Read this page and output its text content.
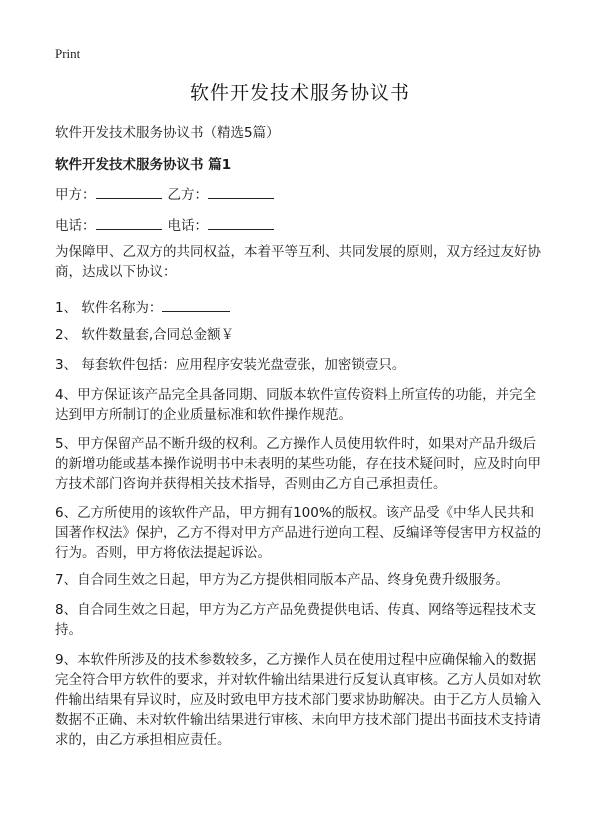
Print
软件开发技术服务协议书
软件开发技术服务协议书（精选5篇）
软件开发技术服务协议书 篇1
甲方：	乙方：
电话：	电话：

为保障甲、乙双方的共同权益，本着平等互利、共同发展的原则，双方经过友好协商，达成以下协议：

1、 软件名称为：

2、 软件数量套,合同总金额￥

3、 每套软件包括：应用程序安装光盘壹张，加密锁壹只。

4、甲方保证该产品完全具备同期、同版本软件宣传资料上所宣传的功能，并完全达到甲方所制订的企业质量标准和软件操作规范。

5、甲方保留产品不断升级的权利。乙方操作人员使用软件时，如果对产品升级后的新增功能或基本操作说明书中未表明的某些功能，存在技术疑问时，应及时向甲方技术部门咨询并获得相关技术指导，否则由乙方自己承担责任。

6、乙方所使用的该软件产品，甲方拥有100%的版权。该产品受《中华人民共和国著作权法》保护，乙方不得对甲方产品进行逆向工程、反编译等侵害甲方权益的行为。否则，甲方将依法提起诉讼。

7、自合同生效之日起，甲方为乙方提供相同版本产品、终身免费升级服务。

8、自合同生效之日起，甲方为乙方产品免费提供电话、传真、网络等远程技术支持。

9、本软件所涉及的技术参数较多，乙方操作人员在使用过程中应确保输入的数据完全符合甲方软件的要求，并对软件输出结果进行反复认真审核。乙方人员如对软件输出结果有异议时，应及时致电甲方技术部门要求协助解决。由于乙方人员输入数据不正确、未对软件输出结果进行审核、未向甲方技术部门提出书面技术支持请求的，由乙方承担相应责任。
